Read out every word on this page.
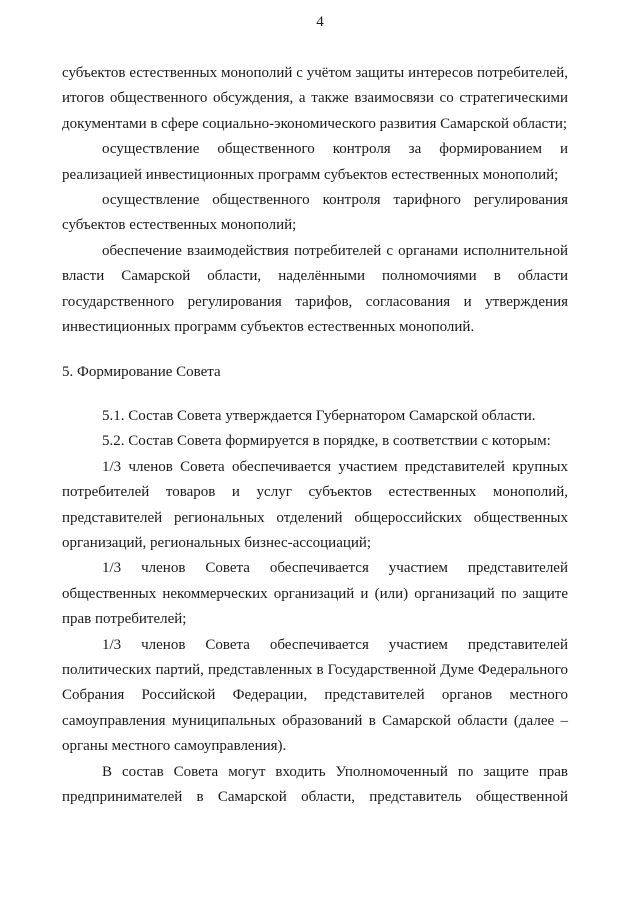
4

субъектов естественных монополий с учётом защиты интересов потребителей, итогов общественного обсуждения, а также взаимосвязи со стратегическими документами в сфере социально-экономического развития Самарской области;

осуществление общественного контроля за формированием и реализацией инвестиционных программ субъектов естественных монополий;

осуществление общественного контроля тарифного регулирования субъектов естественных монополий;

обеспечение взаимодействия потребителей с органами исполнительной власти Самарской области, наделёнными полномочиями в области государственного регулирования тарифов, согласования и утверждения инвестиционных программ субъектов естественных монополий.

5. Формирование Совета

5.1. Состав Совета утверждается Губернатором Самарской области.

5.2. Состав Совета формируется в порядке, в соответствии с которым:

1/3 членов Совета обеспечивается участием представителей крупных потребителей товаров и услуг субъектов естественных монополий, представителей региональных отделений общероссийских общественных организаций, региональных бизнес-ассоциаций;

1/3 членов Совета обеспечивается участием представителей общественных некоммерческих организаций и (или) организаций по защите прав потребителей;

1/3 членов Совета обеспечивается участием представителей политических партий, представленных в Государственной Думе Федерального Собрания Российской Федерации, представителей органов местного самоуправления муниципальных образований в Самарской области (далее – органы местного самоуправления).

В состав Совета могут входить Уполномоченный по защите прав предпринимателей в Самарской области, представитель общественной
